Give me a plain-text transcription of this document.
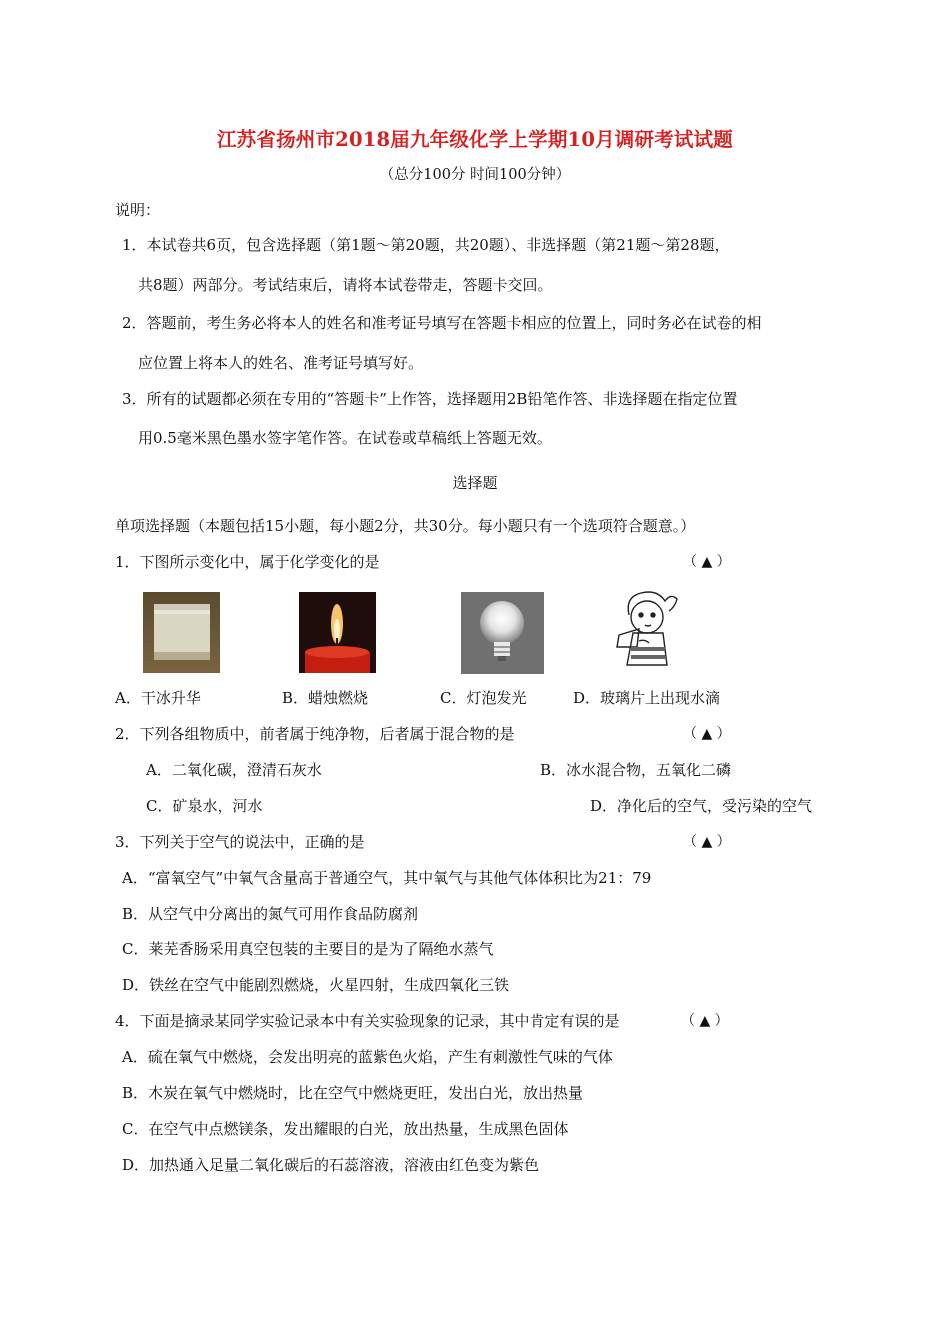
江苏省扬州市2018届九年级化学上学期10月调研考试试题
（总分100分 时间100分钟）
说明：
1．本试卷共6页，包含选择题（第1题～第20题，共20题）、非选择题（第21题～第28题，
共8题）两部分。考试结束后，请将本试卷带走，答题卡交回。
2．答题前，考生务必将本人的姓名和准考证号填写在答题卡相应的位置上，同时务必在试卷的相
应位置上将本人的姓名、准考证号填写好。
3．所有的试题都必须在专用的“答题卡”上作答，选择题用2B铅笔作答、非选择题在指定位置
用0.5毫米黑色墨水签字笔作答。在试卷或草稿纸上答题无效。
选择题
单项选择题（本题包括15小题，每小题2分，共30分。每小题只有一个选项符合题意。）
1．下图所示变化中，属于化学变化的是	（ ▲ ）
A．干冰升华	B．蜡烛燃烧	C．灯泡发光	D．玻璃片上出现水滴
2．下列各组物质中，前者属于纯净物，后者属于混合物的是	（ ▲ ）
A．二氧化碳，澄清石灰水	B．冰水混合物，五氧化二磷
C．矿泉水，河水	D．净化后的空气，受污染的空气
3．下列关于空气的说法中，正确的是	（ ▲ ）
A．“富氧空气”中氧气含量高于普通空气，其中氧气与其他气体体积比为21：79
B．从空气中分离出的氮气可用作食品防腐剂
C．莱芜香肠采用真空包装的主要目的是为了隔绝水蒸气
D．铁丝在空气中能剧烈燃烧，火星四射，生成四氧化三铁
4．下面是摘录某同学实验记录本中有关实验现象的记录，其中肯定有误的是	（ ▲ ）
A．硫在氧气中燃烧，会发出明亮的蓝紫色火焰，产生有刺激性气味的气体
B．木炭在氧气中燃烧时，比在空气中燃烧更旺，发出白光，放出热量
C．在空气中点燃镁条，发出耀眼的白光，放出热量，生成黑色固体
D．加热通入足量二氧化碳后的石蕊溶液，溶液由红色变为紫色
